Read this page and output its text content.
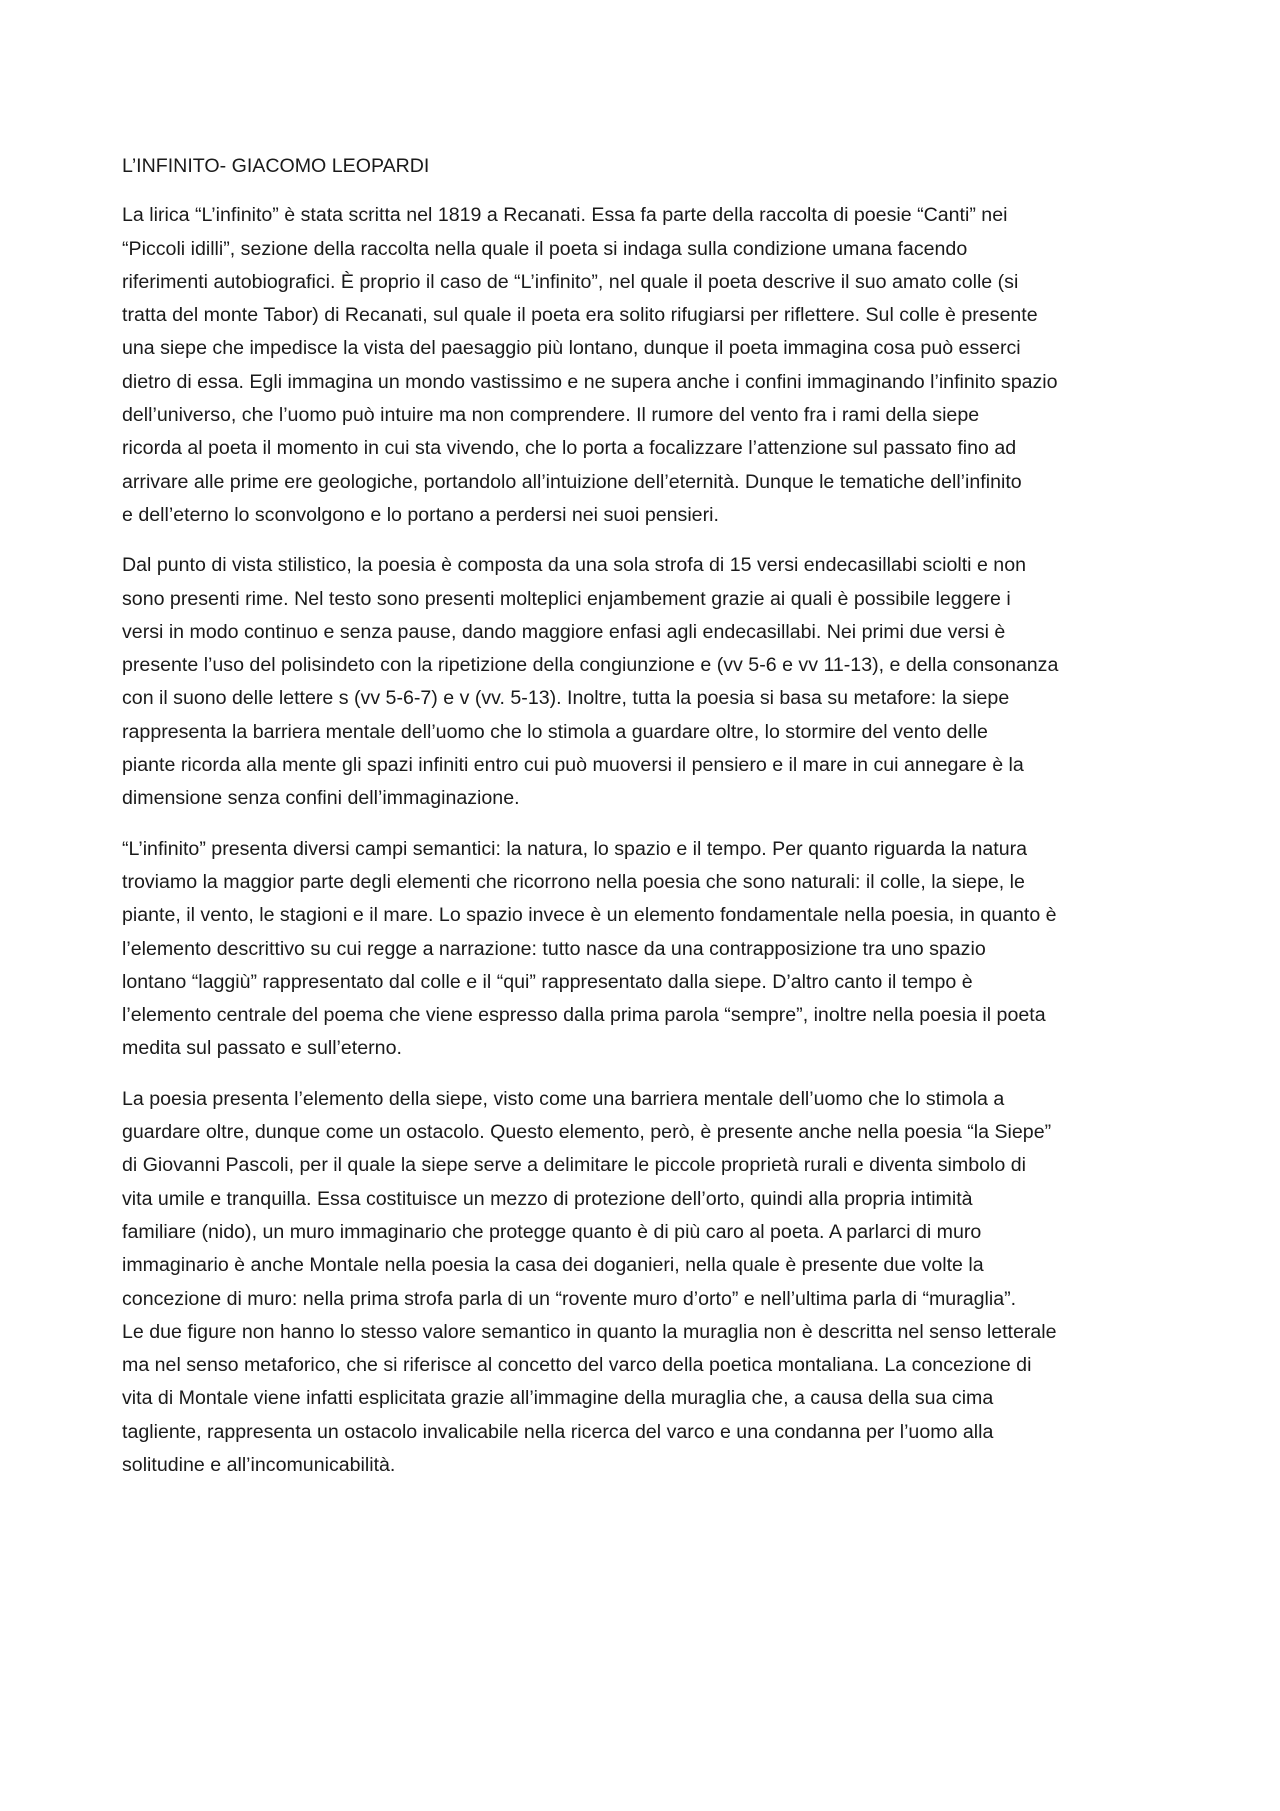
L’INFINITO- GIACOMO LEOPARDI

La lirica “L’infinito” è stata scritta nel 1819 a Recanati. Essa fa parte della raccolta di poesie “Canti” nei
“Piccoli idilli”, sezione della raccolta nella quale il poeta si indaga sulla condizione umana facendo
riferimenti autobiografici. È proprio il caso de “L’infinito”, nel quale il poeta descrive il suo amato colle (si
tratta del monte Tabor) di Recanati, sul quale il poeta era solito rifugiarsi per riflettere. Sul colle è presente
una siepe che impedisce la vista del paesaggio più lontano, dunque il poeta immagina cosa può esserci
dietro di essa. Egli immagina un mondo vastissimo e ne supera anche i confini immaginando l’infinito spazio
dell’universo, che l’uomo può intuire ma non comprendere. Il rumore del vento fra i rami della siepe
ricorda al poeta il momento in cui sta vivendo, che lo porta a focalizzare l’attenzione sul passato fino ad
arrivare alle prime ere geologiche, portandolo all’intuizione dell’eternità. Dunque le tematiche dell’infinito
e dell’eterno lo sconvolgono e lo portano a perdersi nei suoi pensieri.

Dal punto di vista stilistico, la poesia è composta da una sola strofa di 15 versi endecasillabi sciolti e non
sono presenti rime. Nel testo sono presenti molteplici enjambement grazie ai quali è possibile leggere i
versi in modo continuo e senza pause, dando maggiore enfasi agli endecasillabi. Nei primi due versi è
presente l’uso del polisindeto con la ripetizione della congiunzione e (vv 5-6 e vv 11-13), e della consonanza
con il suono delle lettere s (vv 5-6-7) e v (vv. 5-13). Inoltre, tutta la poesia si basa su metafore: la siepe
rappresenta la barriera mentale dell’uomo che lo stimola a guardare oltre, lo stormire del vento delle
piante ricorda alla mente gli spazi infiniti entro cui può muoversi il pensiero e il mare in cui annegare è la
dimensione senza confini dell’immaginazione.

“L’infinito” presenta diversi campi semantici: la natura, lo spazio e il tempo. Per quanto riguarda la natura
troviamo la maggior parte degli elementi che ricorrono nella poesia che sono naturali: il colle, la siepe, le
piante, il vento, le stagioni e il mare. Lo spazio invece è un elemento fondamentale nella poesia, in quanto è
l’elemento descrittivo su cui regge a narrazione: tutto nasce da una contrapposizione tra uno spazio
lontano “laggiù” rappresentato dal colle e il “qui” rappresentato dalla siepe. D’altro canto il tempo è
l’elemento centrale del poema che viene espresso dalla prima parola “sempre”, inoltre nella poesia il poeta
medita sul passato e sull’eterno.

La poesia presenta l’elemento della siepe, visto come una barriera mentale dell’uomo che lo stimola a
guardare oltre, dunque come un ostacolo. Questo elemento, però, è presente anche nella poesia “la Siepe”
di Giovanni Pascoli, per il quale la siepe serve a delimitare le piccole proprietà rurali e diventa simbolo di
vita umile e tranquilla. Essa costituisce un mezzo di protezione dell’orto, quindi alla propria intimità
familiare (nido), un muro immaginario che protegge quanto è di più caro al poeta. A parlarci di muro
immaginario è anche Montale nella poesia la casa dei doganieri, nella quale è presente due volte la
concezione di muro: nella prima strofa parla di un “rovente muro d’orto” e nell’ultima parla di “muraglia”.
Le due figure non hanno lo stesso valore semantico in quanto la muraglia non è descritta nel senso letterale
ma nel senso metaforico, che si riferisce al concetto del varco della poetica montaliana. La concezione di
vita di Montale viene infatti esplicitata grazie all’immagine della muraglia che, a causa della sua cima
tagliente, rappresenta un ostacolo invalicabile nella ricerca del varco e una condanna per l’uomo alla
solitudine e all’incomunicabilità.
